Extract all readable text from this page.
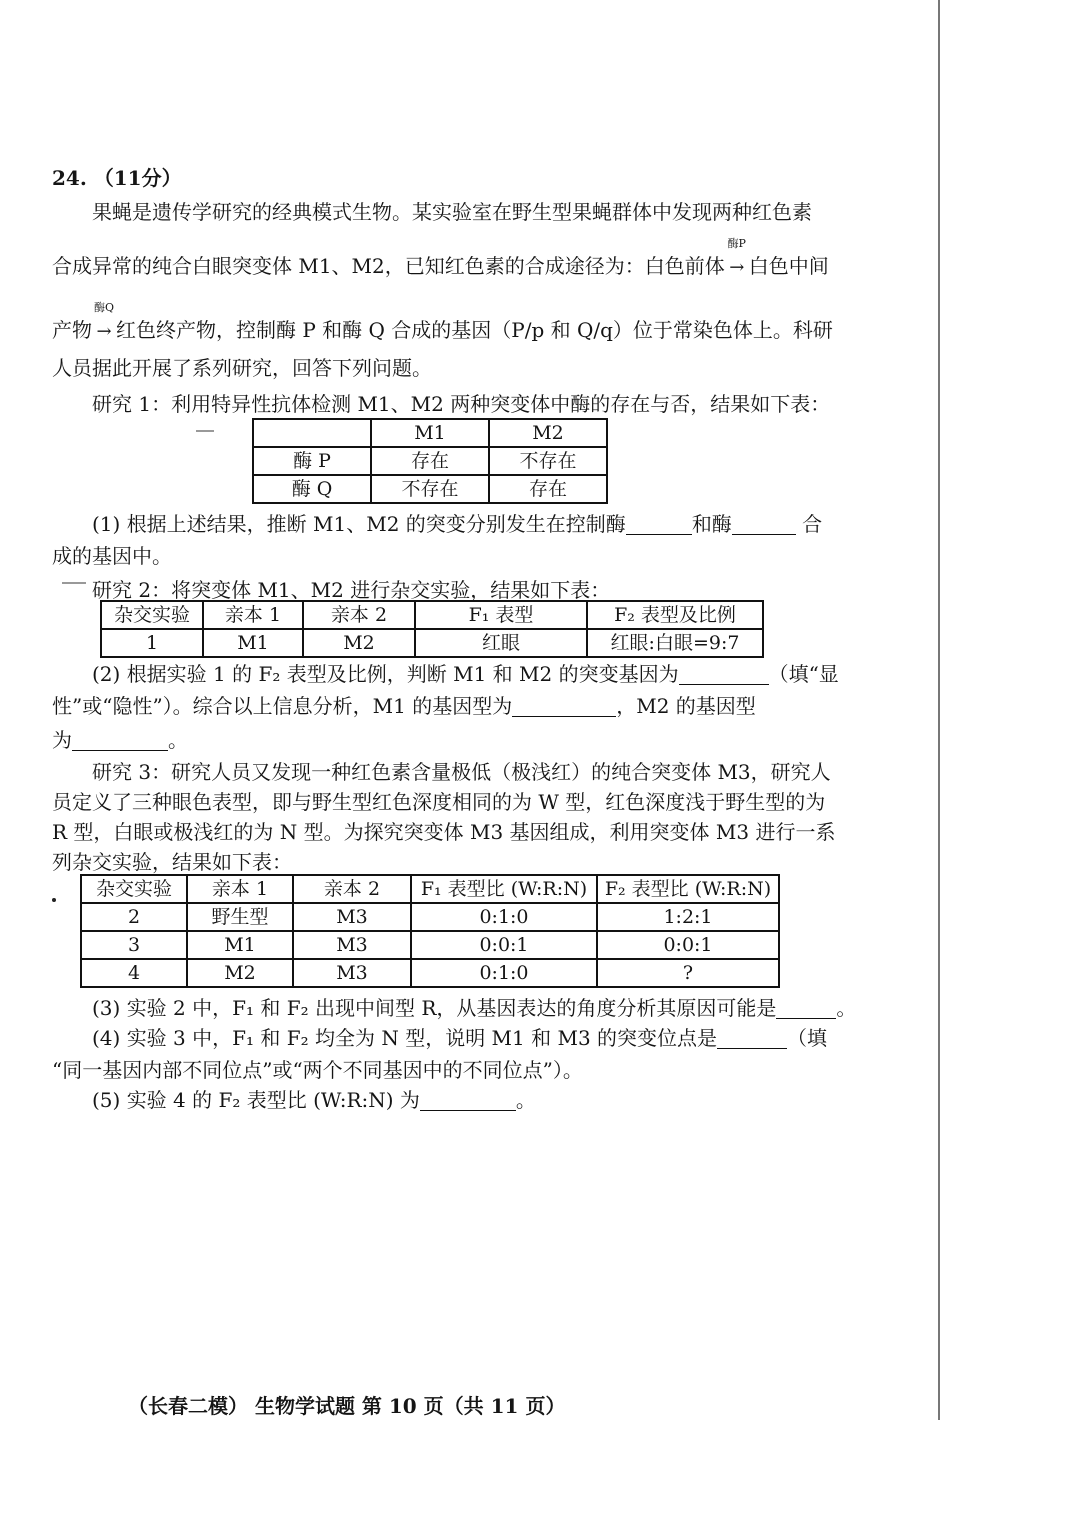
24. （11分）
果蝇是遗传学研究的经典模式生物。某实验室在野生型果蝇群体中发现两种红色素
合成异常的纯合白眼突变体 M1、M2，已知红色素的合成途径为：白色前体
酶P
→ 白色中间
产物
酶Q
→ 红色终产物，控制酶 P 和酶 Q 合成的基因（P/p 和 Q/q）位于常染色体上。科研
人员据此开展了系列研究，回答下列问题。
研究 1：利用特异性抗体检测 M1、M2 两种突变体中酶的存在与否，结果如下表：
	M1	M2
酶 P	存在	不存在
酶 Q	不存在	存在
(1) 根据上述结果，推断 M1、M2 的突变分别发生在控制酶	和酶	合
成的基因中。
研究 2：将突变体 M1、M2 进行杂交实验，结果如下表：
杂交实验	亲本 1	亲本 2	F₁ 表型	F₂ 表型及比例
1	M1	M2	红眼	红眼:白眼=9:7
(2) 根据实验 1 的 F₂ 表型及比例，判断 M1 和 M2 的突变基因为	（填“显
性”或“隐性”）。综合以上信息分析，M1 的基因型为	，M2 的基因型
为	。
研究 3：研究人员又发现一种红色素含量极低（极浅红）的纯合突变体 M3，研究人
员定义了三种眼色表型，即与野生型红色深度相同的为 W 型，红色深度浅于野生型的为
R 型，白眼或极浅红的为 N 型。为探究突变体 M3 基因组成，利用突变体 M3 进行一系
列杂交实验，结果如下表：
杂交实验	亲本 1	亲本 2	F₁ 表型比 (W:R:N)	F₂ 表型比 (W:R:N)
2	野生型	M3	0:1:0	1:2:1
3	M1	M3	0:0:1	0:0:1
4	M2	M3	0:1:0	?
(3) 实验 2 中，F₁ 和 F₂ 出现中间型 R，从基因表达的角度分析其原因可能是	。
(4) 实验 3 中，F₁ 和 F₂ 均全为 N 型，说明 M1 和 M3 的突变位点是	（填
“同一基因内部不同位点”或“两个不同基因中的不同位点”）。
(5) 实验 4 的 F₂ 表型比 (W:R:N) 为	。
（长春二模） 生物学试题 第 10 页（共 11 页）
